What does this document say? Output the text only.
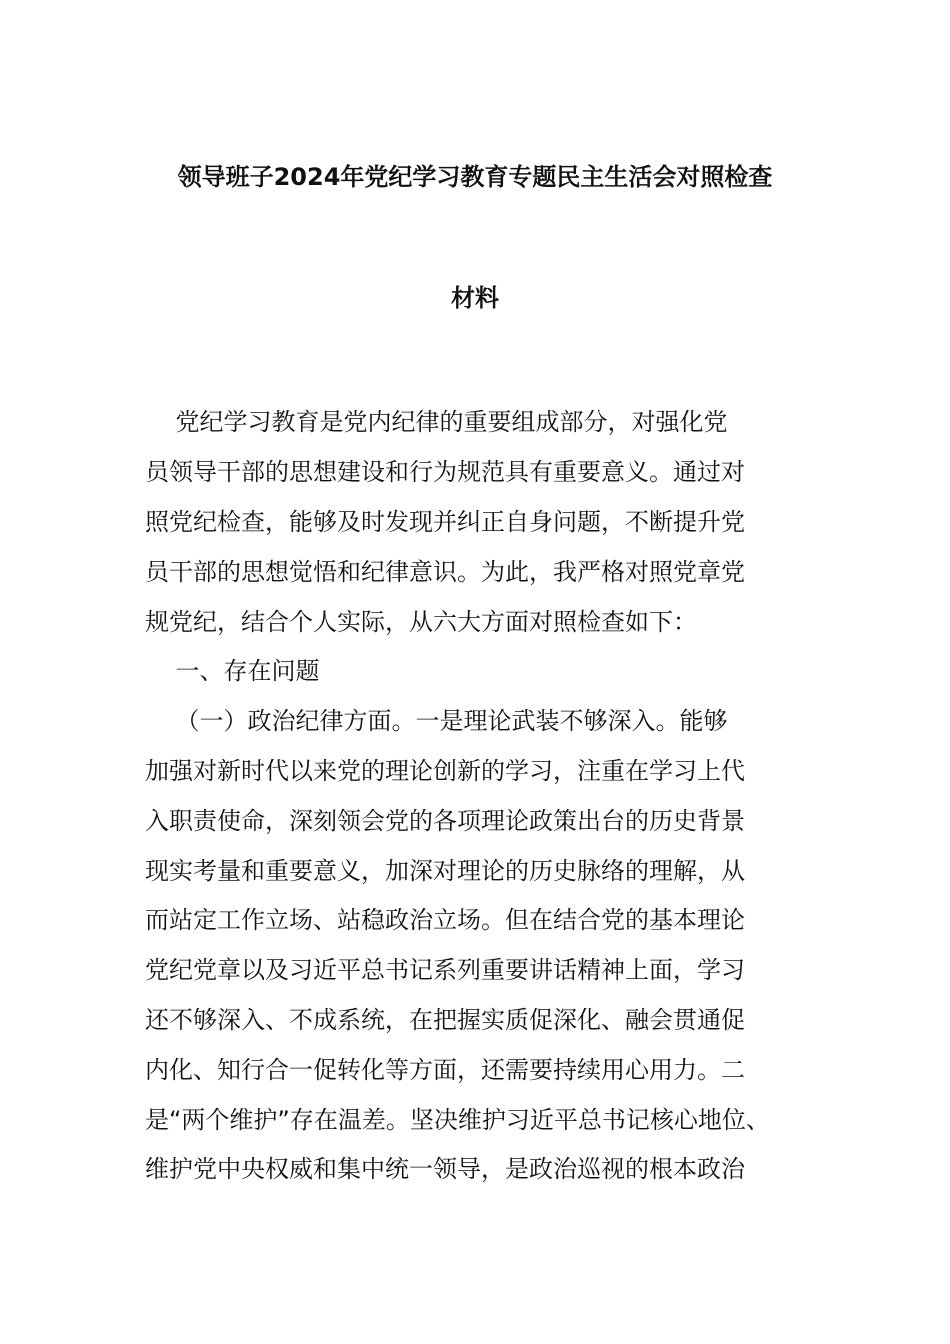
领导班子2024年党纪学习教育专题民主生活会对照检查
材料
党纪学习教育是党内纪律的重要组成部分，对强化党
员领导干部的思想建设和行为规范具有重要意义。通过对
照党纪检查，能够及时发现并纠正自身问题，不断提升党
员干部的思想觉悟和纪律意识。为此，我严格对照党章党
规党纪，结合个人实际，从六大方面对照检查如下：
一、存在问题
（一）政治纪律方面。一是理论武装不够深入。能够
加强对新时代以来党的理论创新的学习，注重在学习上代
入职责使命，深刻领会党的各项理论政策出台的历史背景
现实考量和重要意义，加深对理论的历史脉络的理解，从
而站定工作立场、站稳政治立场。但在结合党的基本理论
党纪党章以及习近平总书记系列重要讲话精神上面，学习
还不够深入、不成系统，在把握实质促深化、融会贯通促
内化、知行合一促转化等方面，还需要持续用心用力。二
是“两个维护”存在温差。坚决维护习近平总书记核心地位、
维护党中央权威和集中统一领导，是政治巡视的根本政治
